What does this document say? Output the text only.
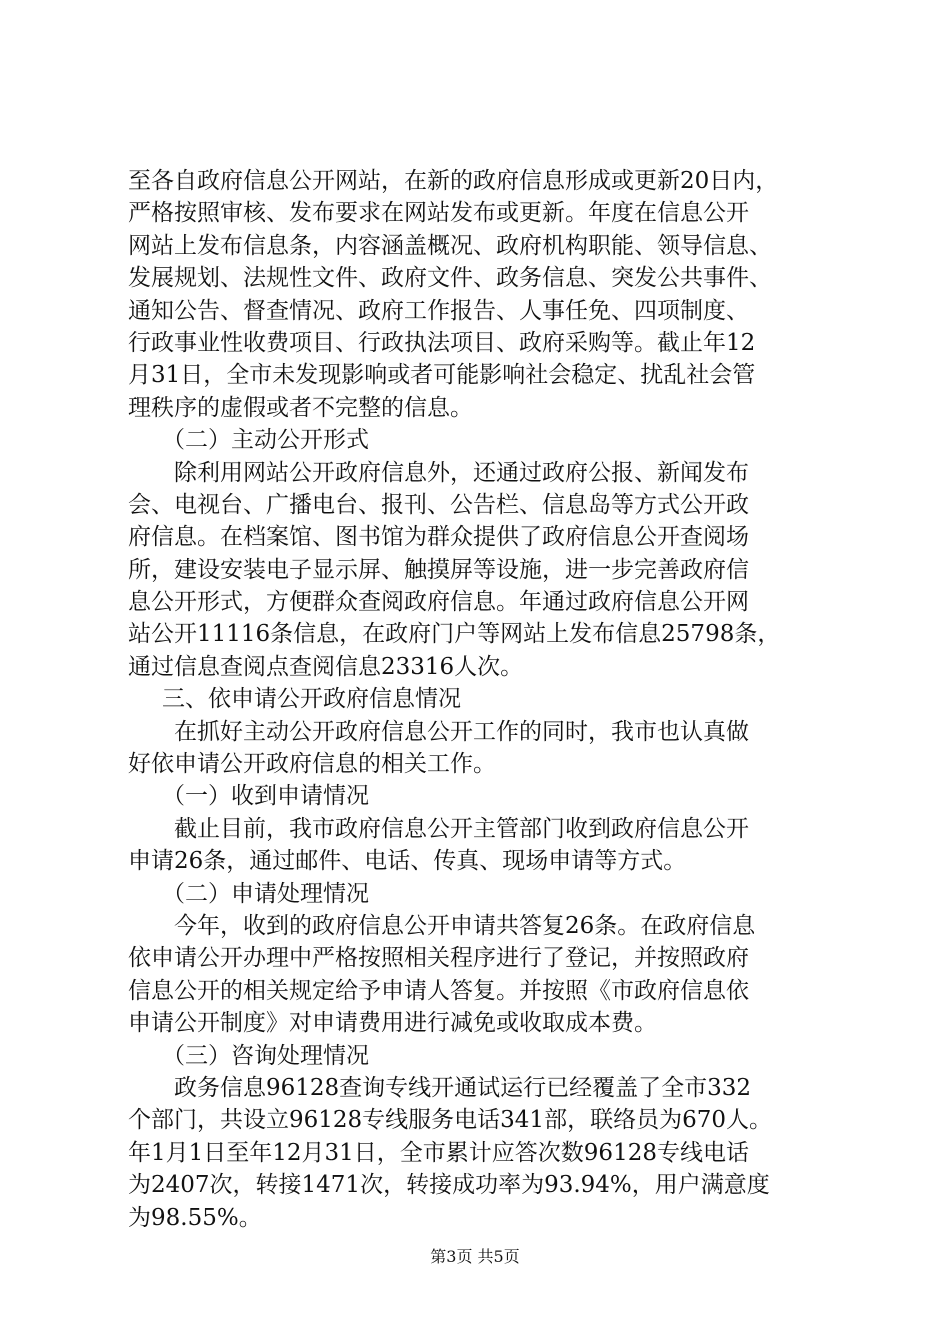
至各自政府信息公开网站，在新的政府信息形成或更新20日内，
严格按照审核、发布要求在网站发布或更新。年度在信息公开
网站上发布信息条，内容涵盖概况、政府机构职能、领导信息、
发展规划、法规性文件、政府文件、政务信息、突发公共事件、
通知公告、督查情况、政府工作报告、人事任免、四项制度、
行政事业性收费项目、行政执法项目、政府采购等。截止年12
月31日，全市未发现影响或者可能影响社会稳定、扰乱社会管
理秩序的虚假或者不完整的信息。
（二）主动公开形式
除利用网站公开政府信息外，还通过政府公报、新闻发布
会、电视台、广播电台、报刊、公告栏、信息岛等方式公开政
府信息。在档案馆、图书馆为群众提供了政府信息公开查阅场
所，建设安装电子显示屏、触摸屏等设施，进一步完善政府信
息公开形式，方便群众查阅政府信息。年通过政府信息公开网
站公开11116条信息，在政府门户等网站上发布信息25798条，
通过信息查阅点查阅信息23316人次。
三、依申请公开政府信息情况
在抓好主动公开政府信息公开工作的同时，我市也认真做
好依申请公开政府信息的相关工作。
（一）收到申请情况
截止目前，我市政府信息公开主管部门收到政府信息公开
申请26条，通过邮件、电话、传真、现场申请等方式。
（二）申请处理情况
今年，收到的政府信息公开申请共答复26条。在政府信息
依申请公开办理中严格按照相关程序进行了登记，并按照政府
信息公开的相关规定给予申请人答复。并按照《市政府信息依
申请公开制度》对申请费用进行减免或收取成本费。
（三）咨询处理情况
政务信息96128查询专线开通试运行已经覆盖了全市332
个部门，共设立96128专线服务电话341部，联络员为670人。
年1月1日至年12月31日，全市累计应答次数96128专线电话
为2407次，转接1471次，转接成功率为93.94%，用户满意度
为98.55%。
第3页 共5页
